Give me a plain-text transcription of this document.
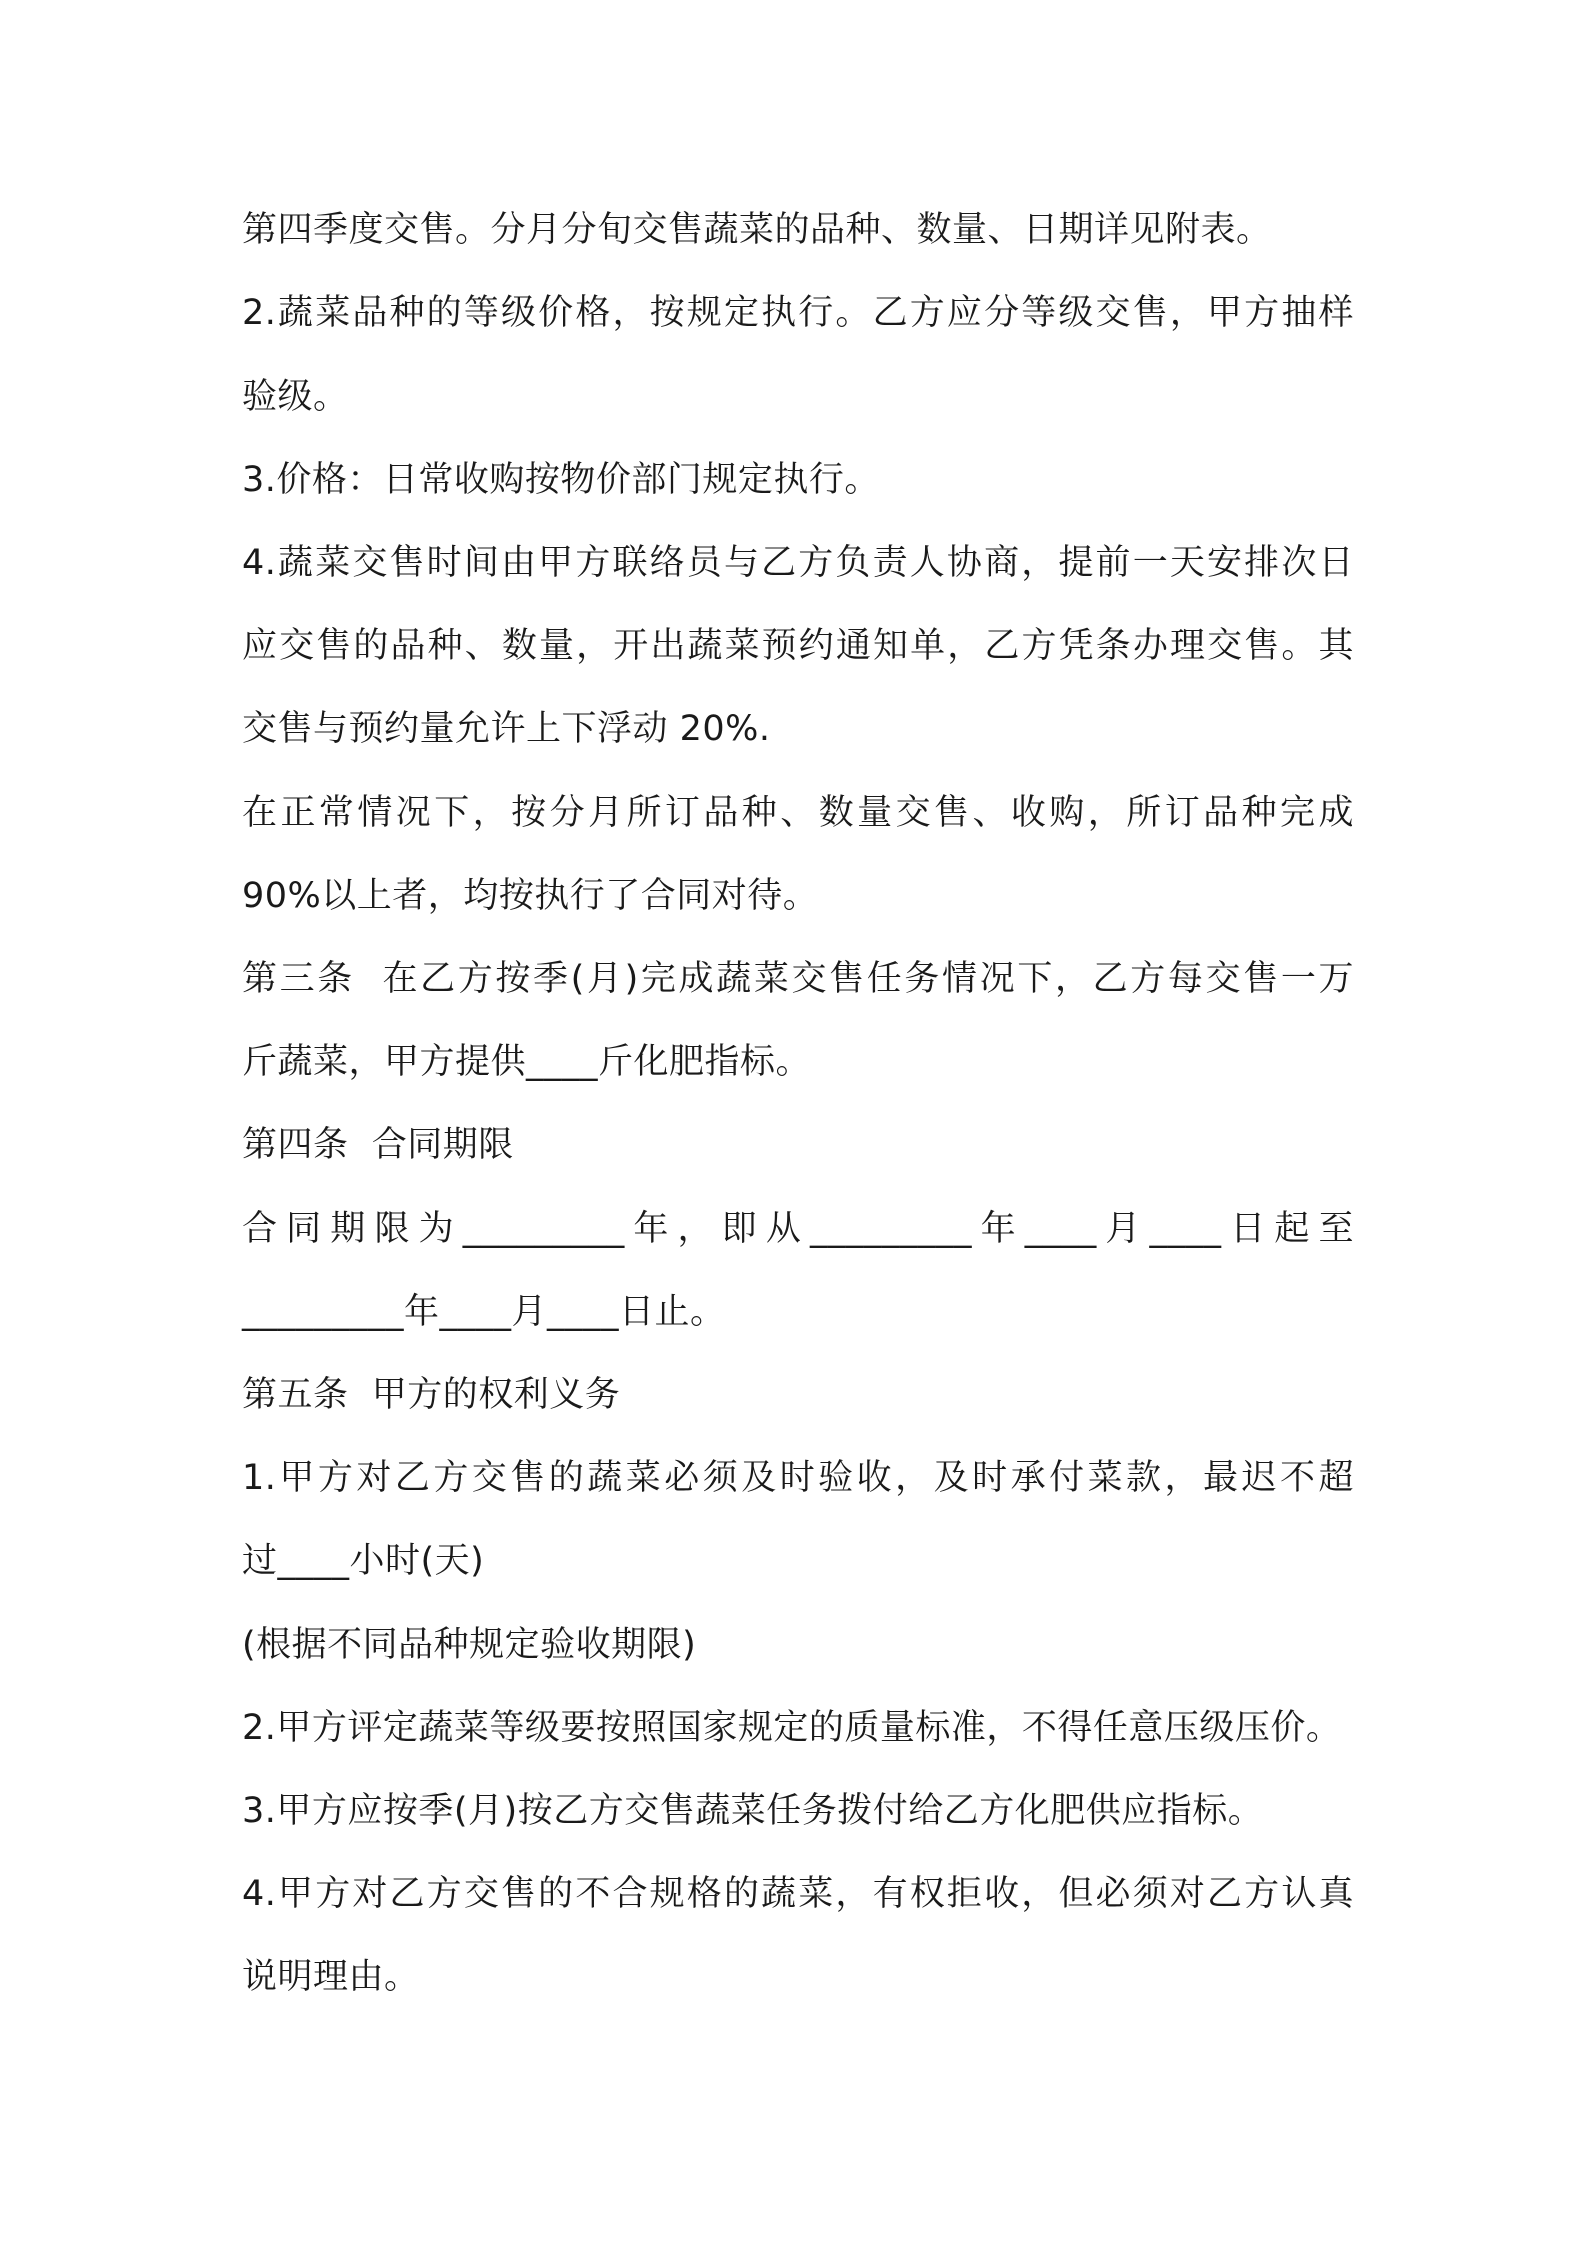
第四季度交售。分月分旬交售蔬菜的品种、数量、日期详见附表。
2.蔬菜品种的等级价格，按规定执行。乙方应分等级交售，甲方抽样
验级。
3.价格：日常收购按物价部门规定执行。
4.蔬菜交售时间由甲方联络员与乙方负责人协商，提前一天安排次日
应交售的品种、数量，开出蔬菜预约通知单，乙方凭条办理交售。其
交售与预约量允许上下浮动 20%.
在正常情况下，按分月所订品种、数量交售、收购，所订品种完成
90%以上者，均按执行了合同对待。
第三条  在乙方按季(月)完成蔬菜交售任务情况下，乙方每交售一万
斤蔬菜，甲方提供____斤化肥指标。
第四条  合同期限
合同期限为_________年，即从_________年____月____日起至
_________年____月____日止。
第五条  甲方的权利义务
1.甲方对乙方交售的蔬菜必须及时验收，及时承付菜款，最迟不超
过____小时(天)
(根据不同品种规定验收期限)
2.甲方评定蔬菜等级要按照国家规定的质量标准，不得任意压级压价。
3.甲方应按季(月)按乙方交售蔬菜任务拨付给乙方化肥供应指标。
4.甲方对乙方交售的不合规格的蔬菜，有权拒收，但必须对乙方认真
说明理由。
